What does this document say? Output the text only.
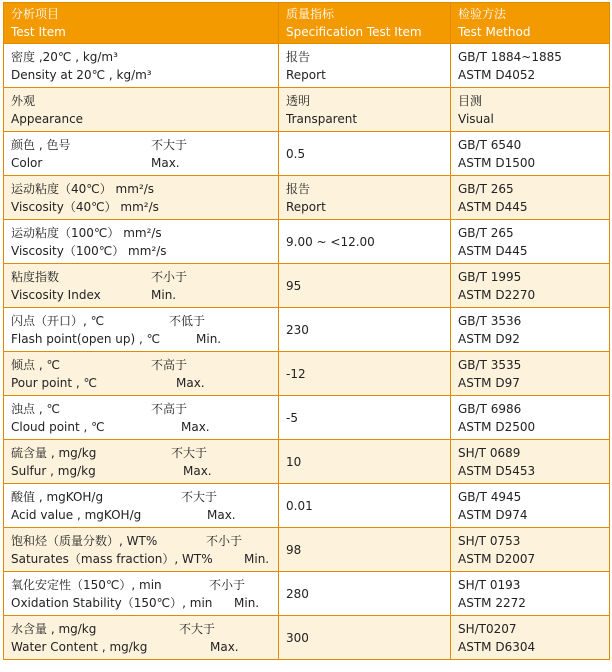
分析项目
Test Item	质量指标
Specification Test Item	检验方法
Test Method

密度 ,20℃ , kg/m³
Density at 20℃ , kg/m³	报告
Report	GB/T 1884~1885
ASTM D4052

外观
Appearance	透明
Transparent	目测
Visual

颜色 , 色号 不大于
Color Max.	0.5	GB/T 6540
ASTM D1500

运动粘度（40℃） mm²/s
Viscosity（40℃） mm²/s	报告
Report	GB/T 265
ASTM D445

运动粘度（100℃） mm²/s
Viscosity（100℃） mm²/s	9.00 ~ <12.00	GB/T 265
ASTM D445

粘度指数 不小于
Viscosity Index Min.	95	GB/T 1995
ASTM D2270

闪点（开口）, ℃ 不低于
Flash point(open up) , ℃ Min.	230	GB/T 3536
ASTM D92

倾点 , ℃ 不高于
Pour point , ℃ Max.	-12	GB/T 3535
ASTM D97

浊点 , ℃ 不高于
Cloud point , ℃ Max.	-5	GB/T 6986
ASTM D2500

硫含量 , mg/kg 不大于
Sulfur , mg/kg Max.	10	SH/T 0689
ASTM D5453

酸值 , mgKOH/g 不大于
Acid value , mgKOH/g Max.	0.01	GB/T 4945
ASTM D974

饱和烃（质量分数）, WT% 不小于
Saturates（mass fraction）, WT% Min.	98	SH/T 0753
ASTM D2007

氧化安定性（150℃）, min 不小于
Oxidation Stability（150℃）, min Min.	280	SH/T 0193
ASTM 2272

水含量 , mg/kg 不大于
Water Content , mg/kg Max.	300	SH/T0207
ASTM D6304
